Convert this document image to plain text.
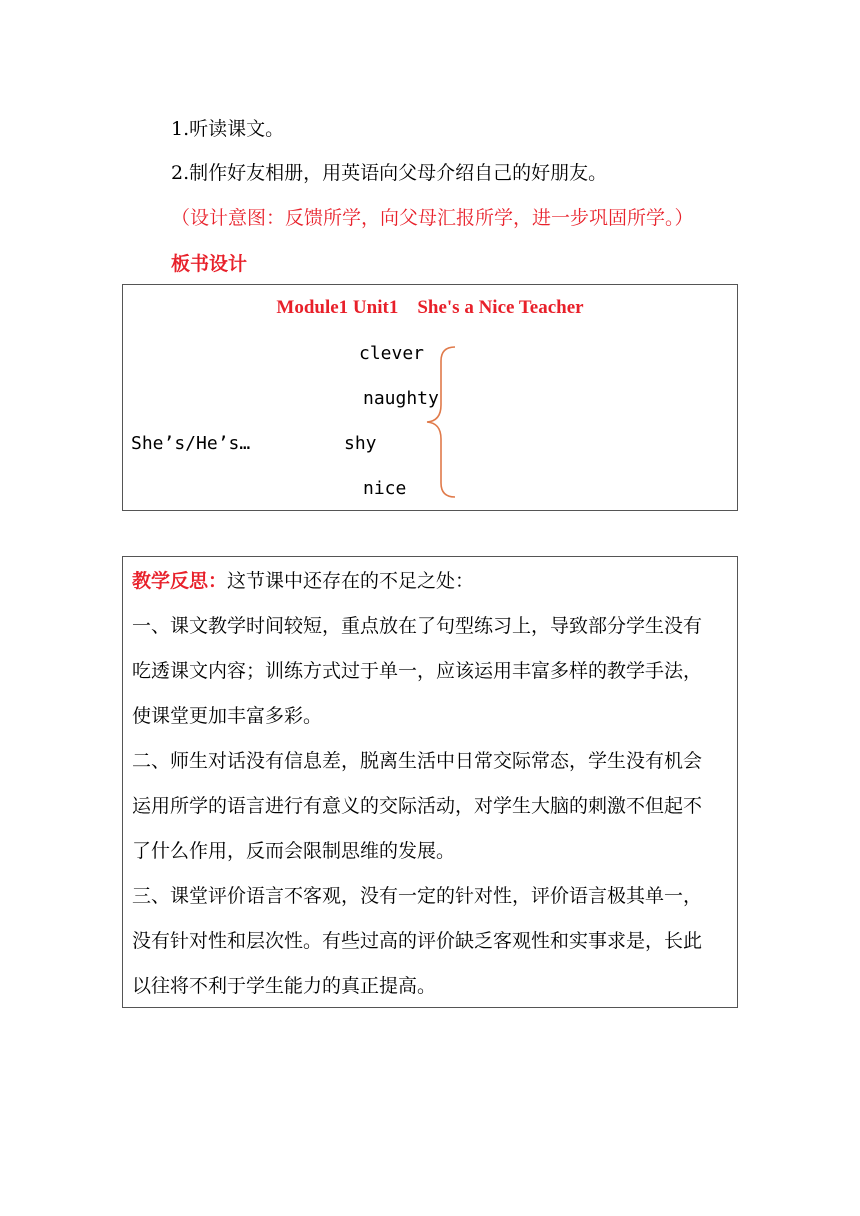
1.听读课文。
2.制作好友相册，用英语向父母介绍自己的好朋友。
（设计意图：反馈所学，向父母汇报所学，进一步巩固所学。）
板书设计
Module1 Unit1    She's a Nice Teacher
clever
naughty
She’s/He’s…	shy
nice
教学反思：这节课中还存在的不足之处：
一、课文教学时间较短，重点放在了句型练习上，导致部分学生没有
吃透课文内容；训练方式过于单一，应该运用丰富多样的教学手法，
使课堂更加丰富多彩。
二、师生对话没有信息差，脱离生活中日常交际常态，学生没有机会
运用所学的语言进行有意义的交际活动，对学生大脑的刺激不但起不
了什么作用，反而会限制思维的发展。
三、课堂评价语言不客观，没有一定的针对性，评价语言极其单一，
没有针对性和层次性。有些过高的评价缺乏客观性和实事求是，长此
以往将不利于学生能力的真正提高。
